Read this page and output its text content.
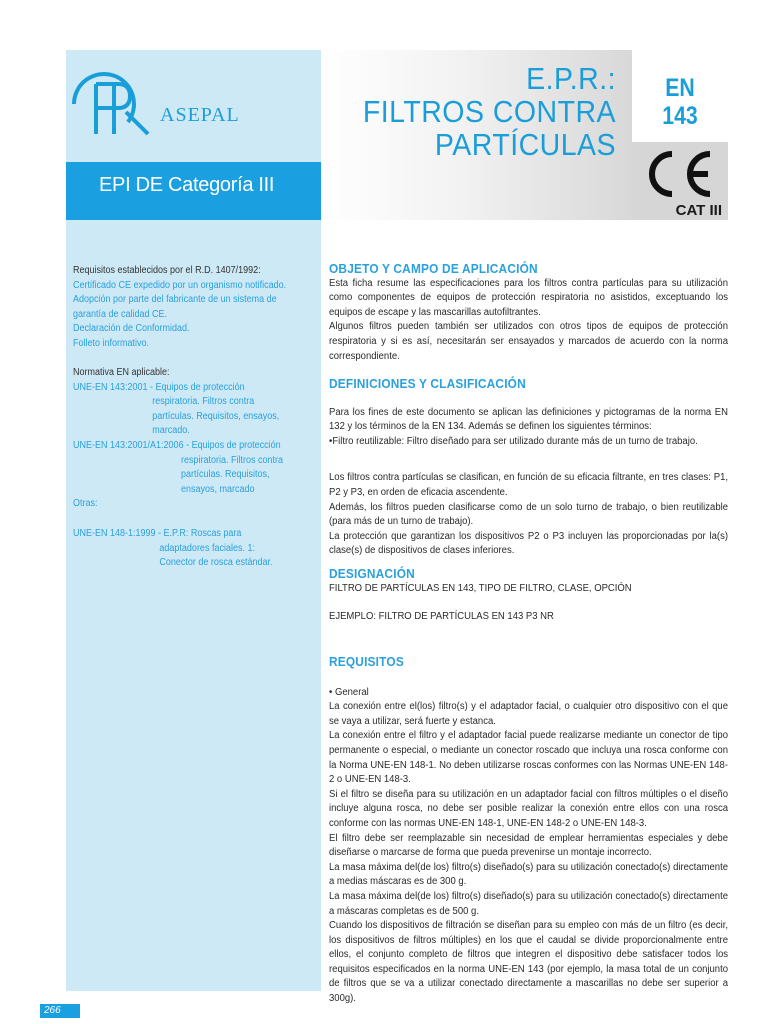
ASEPAL
EPI DE Categoría III
E.P.R.:
FILTROS CONTRA
PARTÍCULAS
EN
143
CAT III

Requisitos establecidos por el R.D. 1407/1992:

Certificado CE expedido por un organismo notificado.

Adopción por parte del fabricante de un sistema de

garantía de calidad CE.

Declaración de Conformidad.

Folleto informativo.

Normativa EN aplicable:

UNE-EN 143:2001 - Equipos de protección respiratoria. Filtros contra partículas. Requisitos, ensayos, marcado.

UNE-EN 143:2001/A1:2006 - Equipos de protección respiratoria. Filtros contra partículas. Requisitos, ensayos, marcado

Otras:

UNE-EN 148-1:1999 - E.P.R: Roscas para adaptadores faciales. 1: Conector de rosca estándar.

OBJETO Y CAMPO DE APLICACIÓN

Esta ficha resume las especificaciones para los filtros contra partículas para su utilización como componentes de equipos de protección respiratoria no asistidos, exceptuando los equipos de escape y las mascarillas autofiltrantes.

Algunos filtros pueden también ser utilizados con otros tipos de equipos de protección respiratoria y si es así, necesitarán ser ensayados y marcados de acuerdo con la norma correspondiente.

DEFINICIONES Y CLASIFICACIÓN

Para los fines de este documento se aplican las definiciones y pictogramas de la norma EN 132 y los términos de la EN 134. Además se definen los siguientes términos:

•Filtro reutilizable: Filtro diseñado para ser utilizado durante más de un turno de trabajo.

Los filtros contra partículas se clasifican, en función de su eficacia filtrante, en tres clases: P1, P2 y P3, en orden de eficacia ascendente.

Además, los filtros pueden clasificarse como de un solo turno de trabajo, o bien reutilizable (para más de un turno de trabajo).

La protección que garantizan los dispositivos P2 o P3 incluyen las proporcionadas por la(s) clase(s) de dispositivos de clases inferiores.

DESIGNACIÓN

FILTRO DE PARTÍCULAS EN 143, TIPO DE FILTRO, CLASE, OPCIÓN

EJEMPLO: FILTRO DE PARTÍCULAS EN 143 P3 NR

REQUISITOS

• General

La conexión entre el(los) filtro(s) y el adaptador facial, o cualquier otro dispositivo con el que se vaya a utilizar, será fuerte y estanca.

La conexión entre el filtro y el adaptador facial puede realizarse mediante un conector de tipo permanente o especial, o mediante un conector roscado que incluya una rosca conforme con la Norma UNE-EN 148-1. No deben utilizarse roscas conformes con las Normas UNE-EN 148-2 o UNE-EN 148-3.

Si el filtro se diseña para su utilización en un adaptador facial con filtros múltiples o el diseño incluye alguna rosca, no debe ser posible realizar la conexión entre ellos con una rosca conforme con las normas UNE-EN 148-1, UNE-EN 148-2 o UNE-EN 148-3.

El filtro debe ser reemplazable sin necesidad de emplear herramientas especiales y debe diseñarse o marcarse de forma que pueda prevenirse un montaje incorrecto.

La masa máxima del(de los) filtro(s) diseñado(s) para su utilización conectado(s) directamente a medias máscaras es de 300 g.

La masa máxima del(de los) filtro(s) diseñado(s) para su utilización conectado(s) directamente a máscaras completas es de 500 g.

Cuando los dispositivos de filtración se diseñan para su empleo con más de un filtro (es decir, los dispositivos de filtros múltiples) en los que el caudal se divide proporcionalmente entre ellos, el conjunto completo de filtros que integren el dispositivo debe satisfacer todos los requisitos especificados en la norma UNE-EN 143 (por ejemplo, la masa total de un conjunto de filtros que se va a utilizar conectado directamente a mascarillas no debe ser superior a 300g).

266
